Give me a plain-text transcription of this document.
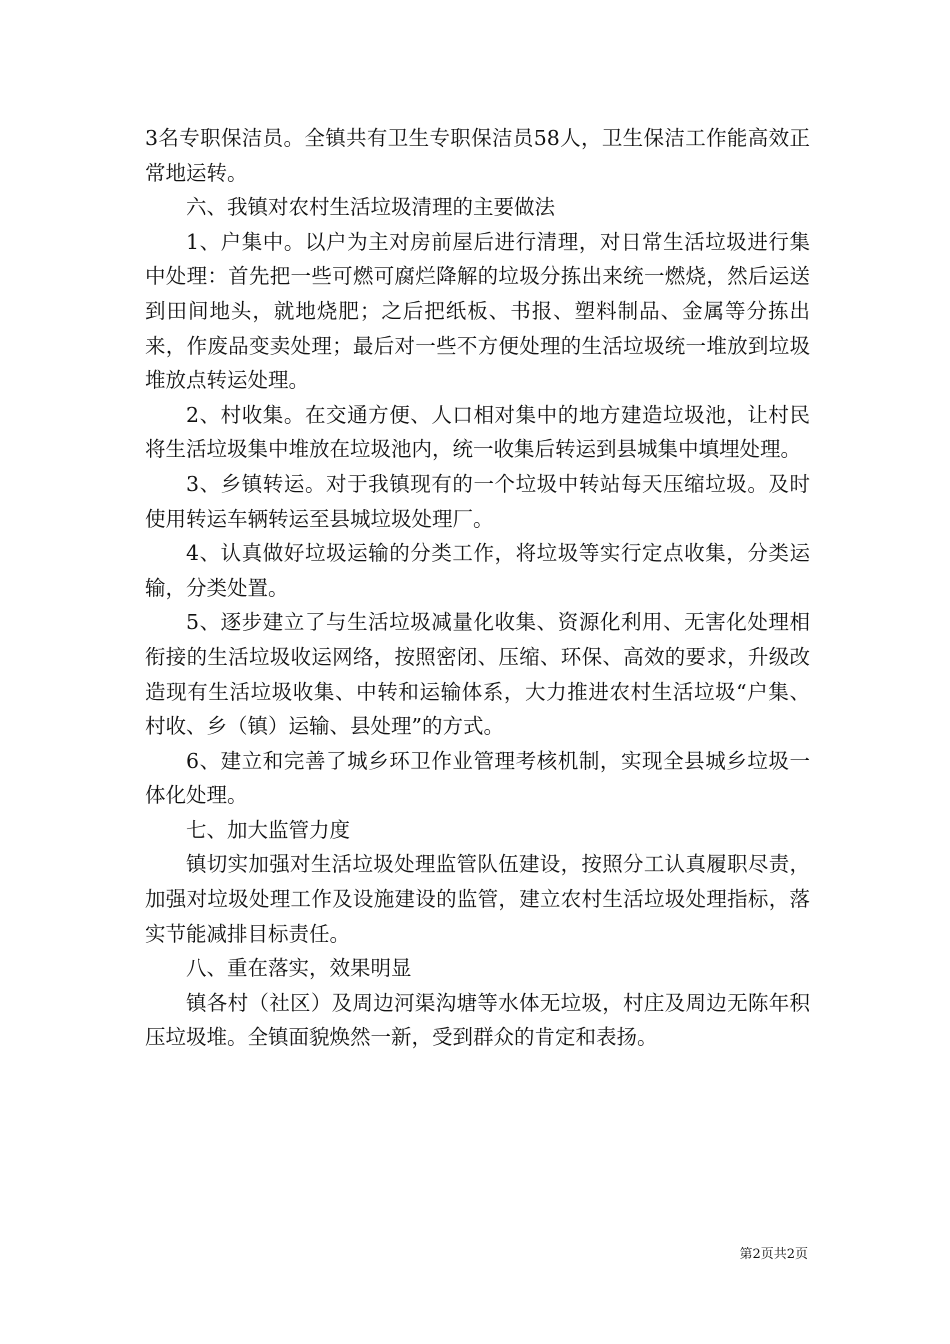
3名专职保洁员。全镇共有卫生专职保洁员58人，卫生保洁工作能高效正常地运转。

六、我镇对农村生活垃圾清理的主要做法

1、户集中。以户为主对房前屋后进行清理，对日常生活垃圾进行集中处理：首先把一些可燃可腐烂降解的垃圾分拣出来统一燃烧，然后运送到田间地头，就地烧肥；之后把纸板、书报、塑料制品、金属等分拣出来，作废品变卖处理；最后对一些不方便处理的生活垃圾统一堆放到垃圾堆放点转运处理。

2、村收集。在交通方便、人口相对集中的地方建造垃圾池，让村民将生活垃圾集中堆放在垃圾池内，统一收集后转运到县城集中填埋处理。

3、乡镇转运。对于我镇现有的一个垃圾中转站每天压缩垃圾。及时使用转运车辆转运至县城垃圾处理厂。

4、认真做好垃圾运输的分类工作，将垃圾等实行定点收集，分类运输，分类处置。

5、逐步建立了与生活垃圾减量化收集、资源化利用、无害化处理相衔接的生活垃圾收运网络，按照密闭、压缩、环保、高效的要求，升级改造现有生活垃圾收集、中转和运输体系，大力推进农村生活垃圾“户集、村收、乡（镇）运输、县处理”的方式。

6、建立和完善了城乡环卫作业管理考核机制，实现全县城乡垃圾一体化处理。

七、加大监管力度

镇切实加强对生活垃圾处理监管队伍建设，按照分工认真履职尽责，加强对垃圾处理工作及设施建设的监管，建立农村生活垃圾处理指标，落实节能减排目标责任。

八、重在落实，效果明显

镇各村（社区）及周边河渠沟塘等水体无垃圾，村庄及周边无陈年积压垃圾堆。全镇面貌焕然一新，受到群众的肯定和表扬。

第2页共2页
